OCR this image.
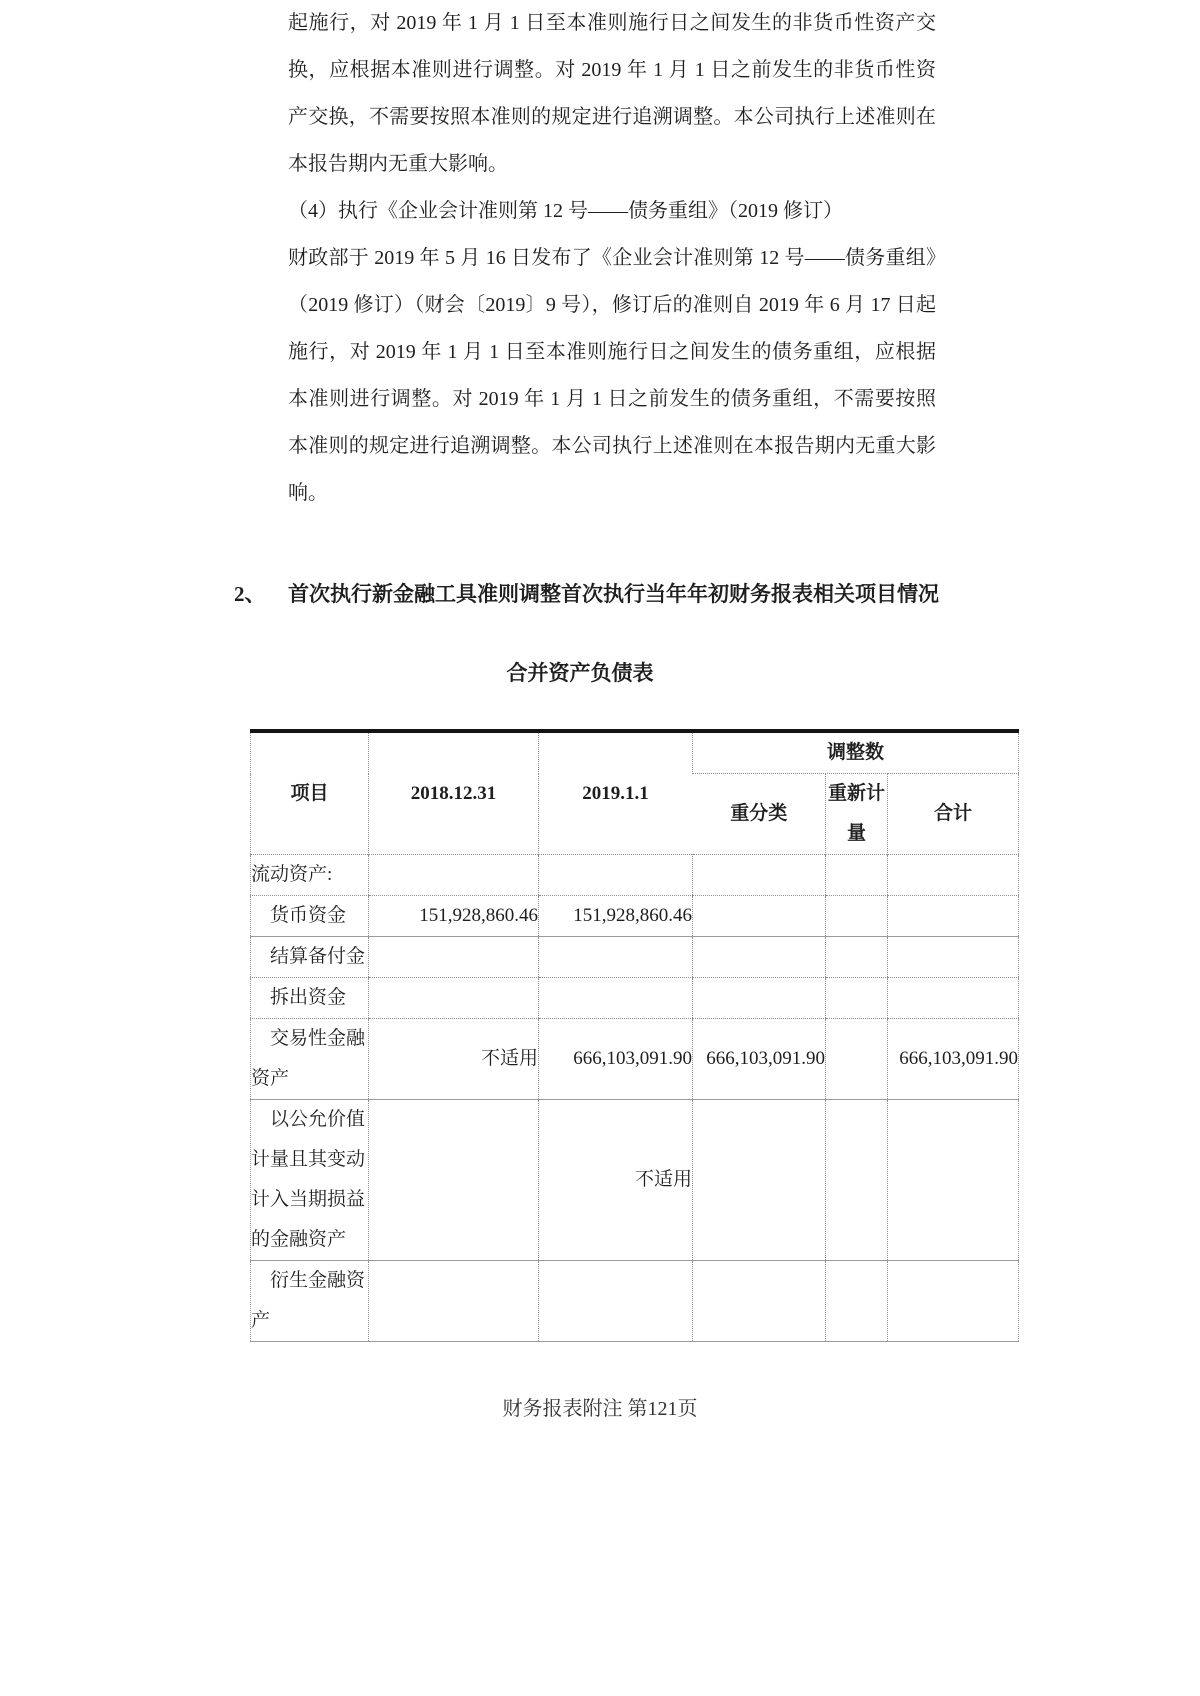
起施行，对 2019 年 1 月 1 日至本准则施行日之间发生的非货币性资产交换，应根据本准则进行调整。对 2019 年 1 月 1 日之前发生的非货币性资产交换，不需要按照本准则的规定进行追溯调整。本公司执行上述准则在本报告期内无重大影响。

（4）执行《企业会计准则第 12 号——债务重组》（2019 修订）

财政部于 2019 年 5 月 16 日发布了《企业会计准则第 12 号——债务重组》（2019 修订）（财会〔2019〕9 号），修订后的准则自 2019 年 6 月 17 日起施行，对 2019 年 1 月 1 日至本准则施行日之间发生的债务重组，应根据本准则进行调整。对 2019 年 1 月 1 日之前发生的债务重组，不需要按照本准则的规定进行追溯调整。本公司执行上述准则在本报告期内无重大影响。

2、	首次执行新金融工具准则调整首次执行当年年初财务报表相关项目情况
合并资产负债表
项目	2018.12.31	2019.1.1	调整数		
			重分类	重新计量	合计
流动资产:					
货币资金	151,928,860.46	151,928,860.46			
结算备付金					
拆出资金					
交易性金融资产	不适用	666,103,091.90	666,103,091.90		666,103,091.90
以公允价值计量且其变动计入当期损益的金融资产		不适用			
衍生金融资产					
财务报表附注 第121页
